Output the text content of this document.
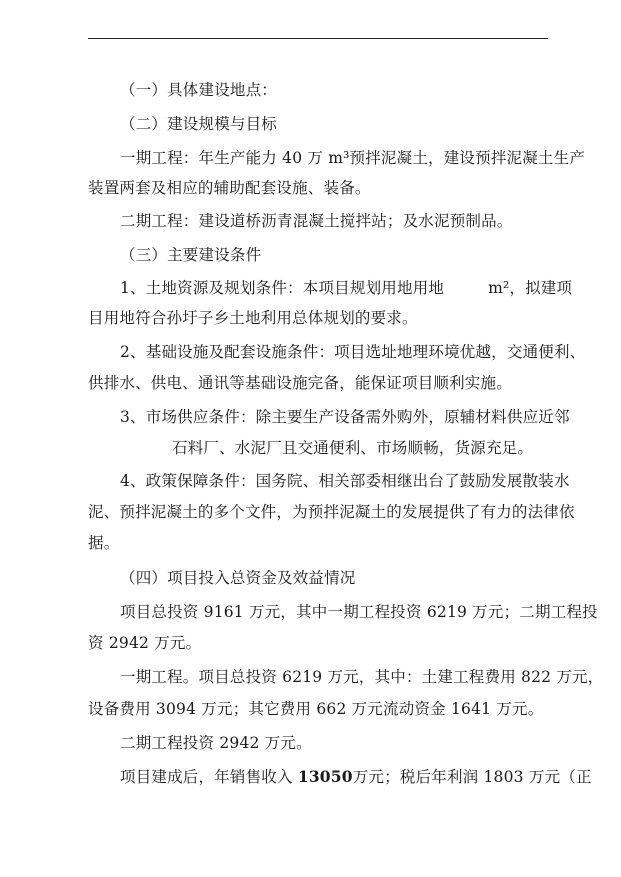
（一）具体建设地点：
（二）建设规模与目标
一期工程：年生产能力 40 万 m³预拌泥凝土，建设预拌泥凝土生产
装置两套及相应的辅助配套设施、装备。
二期工程：建设道桥沥青混凝土搅拌站；及水泥预制品。
（三）主要建设条件
1、土地资源及规划条件：本项目规划用地用地	m²，拟建项
目用地符合孙圩子乡土地利用总体规划的要求。
2、基础设施及配套设施条件：项目选址地理环境优越，交通便利、
供排水、供电、通讯等基础设施完备，能保证项目顺利实施。
3、市场供应条件：除主要生产设备需外购外，原辅材料供应近邻
石料厂、水泥厂且交通便利、市场顺畅，货源充足。
4、政策保障条件：国务院、相关部委相继出台了鼓励发展散装水
泥、预拌泥凝土的多个文件，为预拌泥凝土的发展提供了有力的法律依
据。
（四）项目投入总资金及效益情况
项目总投资 9161 万元，其中一期工程投资 6219 万元；二期工程投
资 2942 万元。
一期工程。项目总投资 6219 万元，其中：土建工程费用 822 万元，
设备费用 3094 万元；其它费用 662 万元流动资金 1641 万元。
二期工程投资 2942 万元。
项目建成后，年销售收入 13050万元；税后年利润 1803 万元（正
